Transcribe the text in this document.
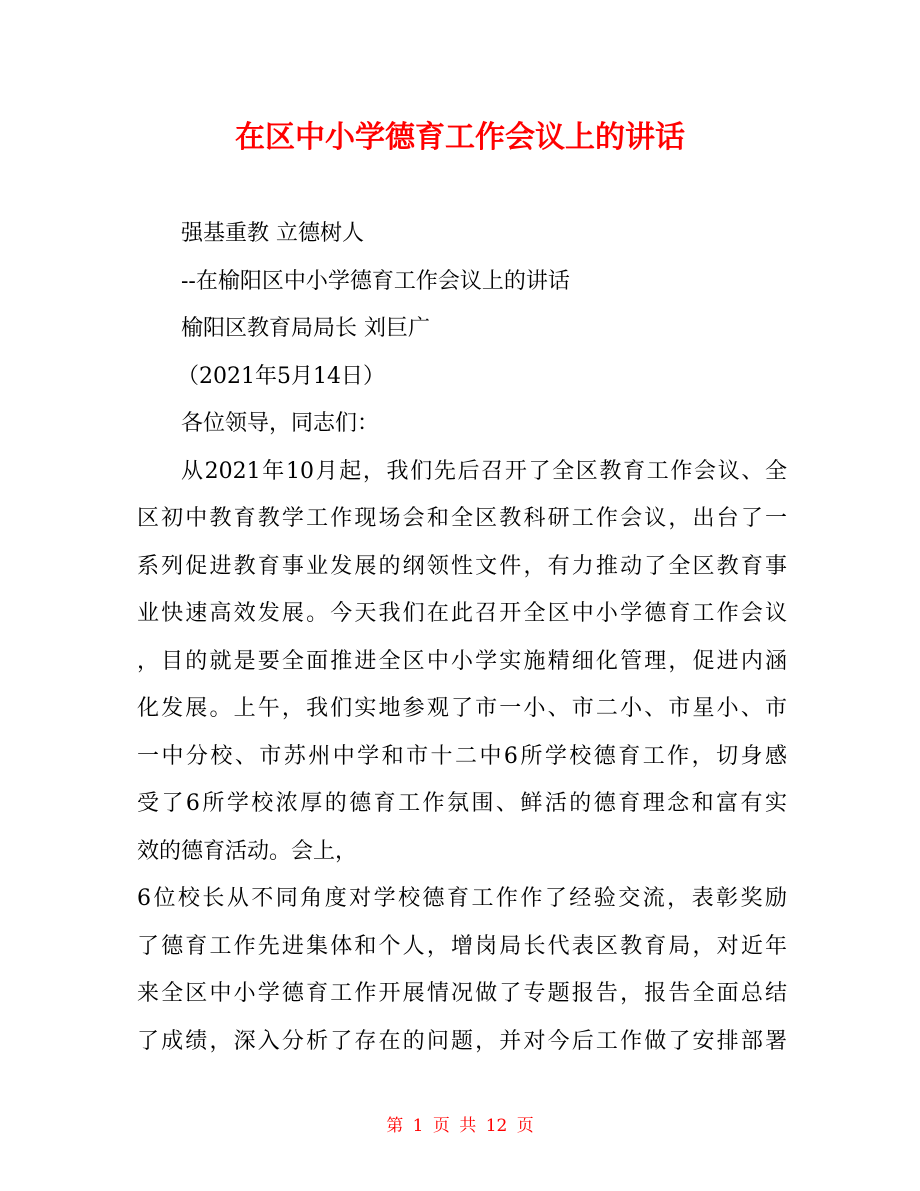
在区中小学德育工作会议上的讲话
强基重教 立德树人
--在榆阳区中小学德育工作会议上的讲话
榆阳区教育局局长 刘巨广
（2021年5月14日）
各位领导，同志们：
从2021年10月起，我们先后召开了全区教育工作会议、全
区初中教育教学工作现场会和全区教科研工作会议，出台了一
系列促进教育事业发展的纲领性文件，有力推动了全区教育事
业快速高效发展。今天我们在此召开全区中小学德育工作会议
，目的就是要全面推进全区中小学实施精细化管理，促进内涵
化发展。上午，我们实地参观了市一小、市二小、市星小、市
一中分校、市苏州中学和市十二中6所学校德育工作，切身感
受了6所学校浓厚的德育工作氛围、鲜活的德育理念和富有实
效的德育活动。会上，
6位校长从不同角度对学校德育工作作了经验交流，表彰奖励
了德育工作先进集体和个人，增岗局长代表区教育局，对近年
来全区中小学德育工作开展情况做了专题报告，报告全面总结
了成绩，深入分析了存在的问题，并对今后工作做了安排部署
第 1 页 共 12 页
